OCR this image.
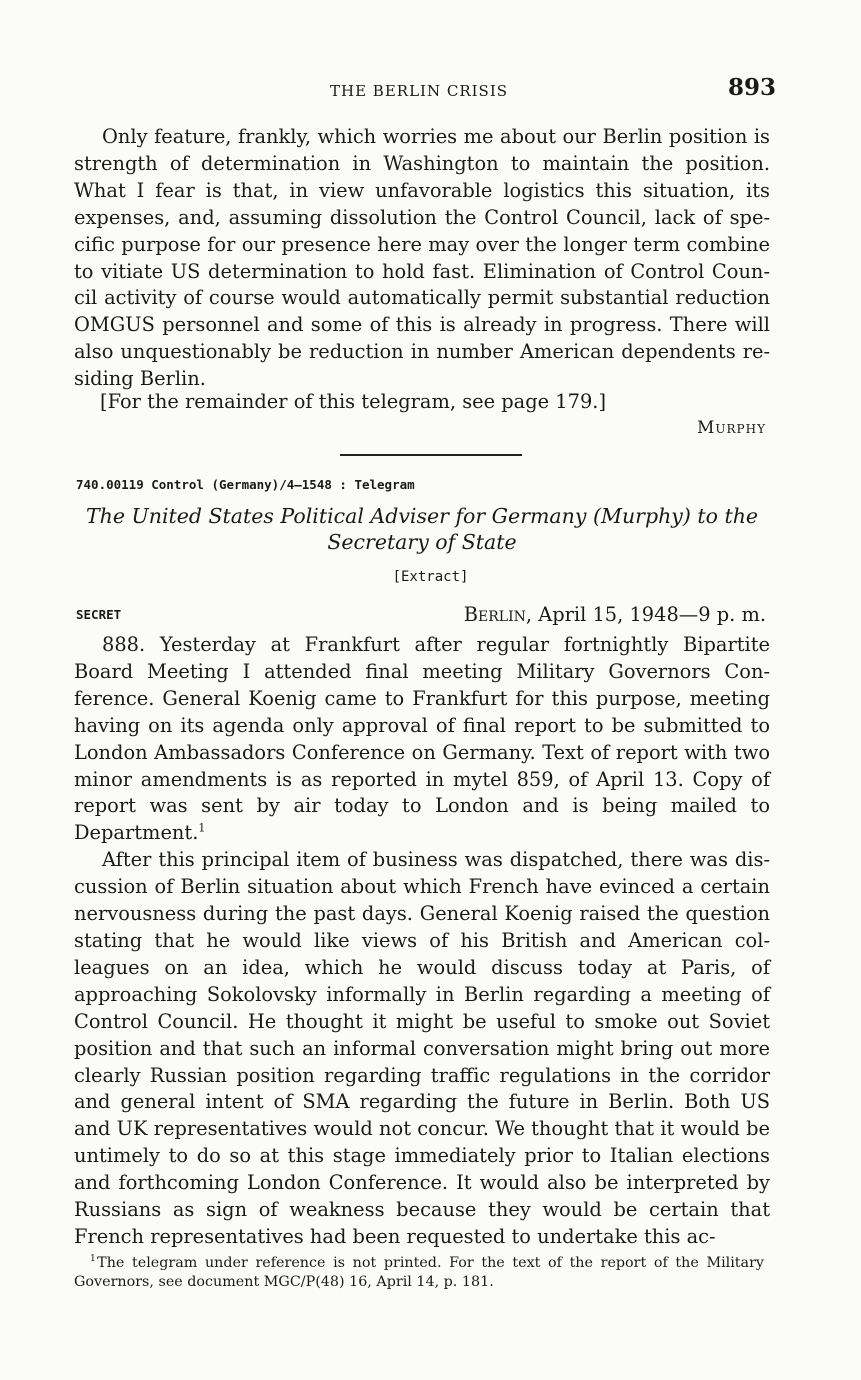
THE BERLIN CRISIS	893

Only feature, frankly, which worries me about our Berlin position is strength of determination in Washington to maintain the position. What I fear is that, in view unfavorable logistics this situation, its expenses, and, assuming dissolution the Control Council, lack of specific purpose for our presence here may over the longer term combine to vitiate US determination to hold fast. Elimination of Control Council activity of course would automatically permit substantial reduction OMGUS personnel and some of this is already in progress. There will also unquestionably be reduction in number American dependents residing Berlin.

[For the remainder of this telegram, see page 179.]
Murphy
740.00119 Control (Germany)/4–1548 : Telegram
The United States Political Adviser for Germany (Murphy) to the
Secretary of State
[Extract]
SECRET	Berlin, April 15, 1948—9 p. m.

888. Yesterday at Frankfurt after regular fortnightly Bipartite Board Meeting I attended final meeting Military Governors Conference. General Koenig came to Frankfurt for this purpose, meeting having on its agenda only approval of final report to be submitted to London Ambassadors Conference on Germany. Text of report with two minor amendments is as reported in mytel 859, of April 13. Copy of report was sent by air today to London and is being mailed to Department.$^1$

After this principal item of business was dispatched, there was discussion of Berlin situation about which French have evinced a certain nervousness during the past days. General Koenig raised the question stating that he would like views of his British and American colleagues on an idea, which he would discuss today at Paris, of approaching Sokolovsky informally in Berlin regarding a meeting of Control Council. He thought it might be useful to smoke out Soviet position and that such an informal conversation might bring out more clearly Russian position regarding traffic regulations in the corridor and general intent of SMA regarding the future in Berlin. Both US and UK representatives would not concur. We thought that it would be untimely to do so at this stage immediately prior to Italian elections and forthcoming London Conference. It would also be interpreted by Russians as sign of weakness because they would be certain that French representatives had been requested to undertake this ac-

$^1$ The telegram under reference is not printed. For the text of the report of the Military Governors, see document MGC/P(48) 16, April 14, p. 181.
